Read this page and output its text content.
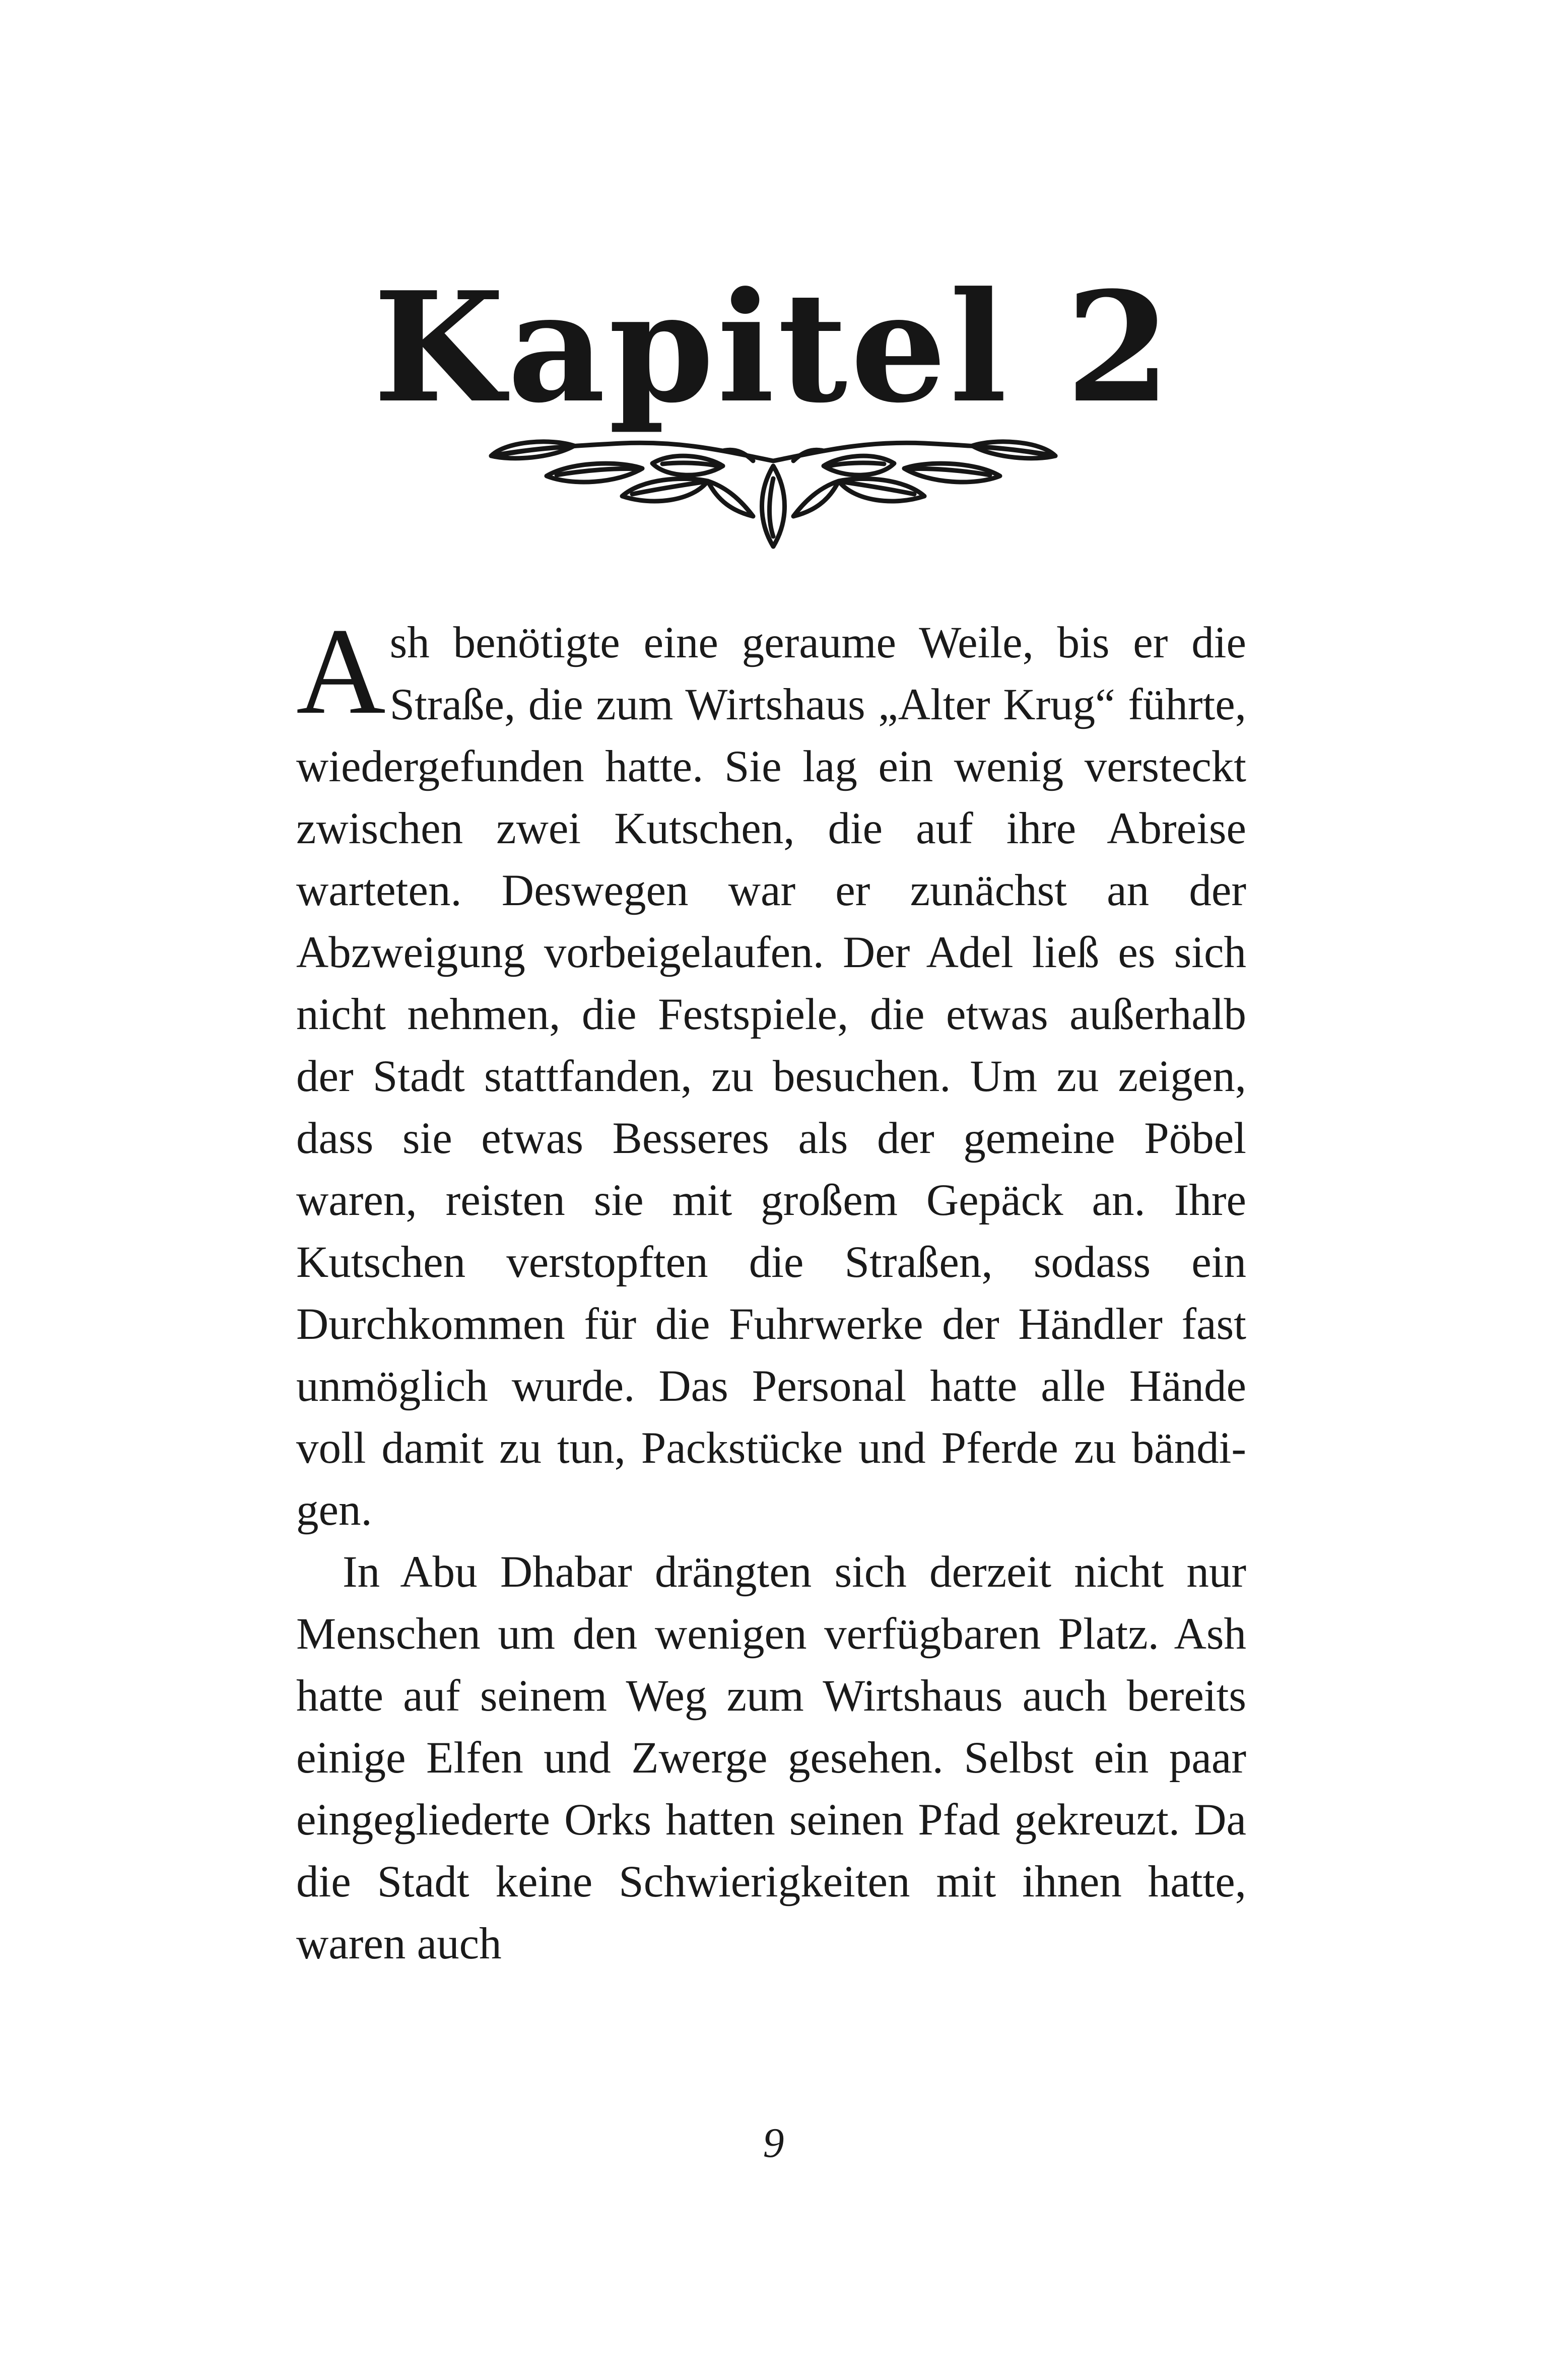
Kapitel 2

Ash benötigte eine geraume Weile, bis er die Straße, die zum Wirtshaus „Alter Krug“ führte, wiedergefunden hatte. Sie lag ein wenig versteckt zwischen zwei Kutschen, die auf ihre Abreise warteten. Deswegen war er zunächst an der Abzweigung vorbeigelaufen. Der Adel ließ es sich nicht nehmen, die Festspiele, die etwas außerhalb der Stadt stattfanden, zu besuchen. Um zu zeigen, dass sie etwas Besseres als der gemeine Pöbel waren, reisten sie mit großem Gepäck an. Ihre Kutschen verstopften die Straßen, sodass ein Durchkommen für die Fuhrwerke der Händler fast unmöglich wurde. Das Personal hatte alle Hände voll damit zu tun, Packstücke und Pferde zu bändigen.

In Abu Dhabar drängten sich derzeit nicht nur Menschen um den wenigen verfügbaren Platz. Ash hatte auf seinem Weg zum Wirtshaus auch bereits einige Elfen und Zwerge gesehen. Selbst ein paar eingegliederte Orks hatten seinen Pfad gekreuzt. Da die Stadt keine Schwierigkeiten mit ihnen hatte, waren auch

9
